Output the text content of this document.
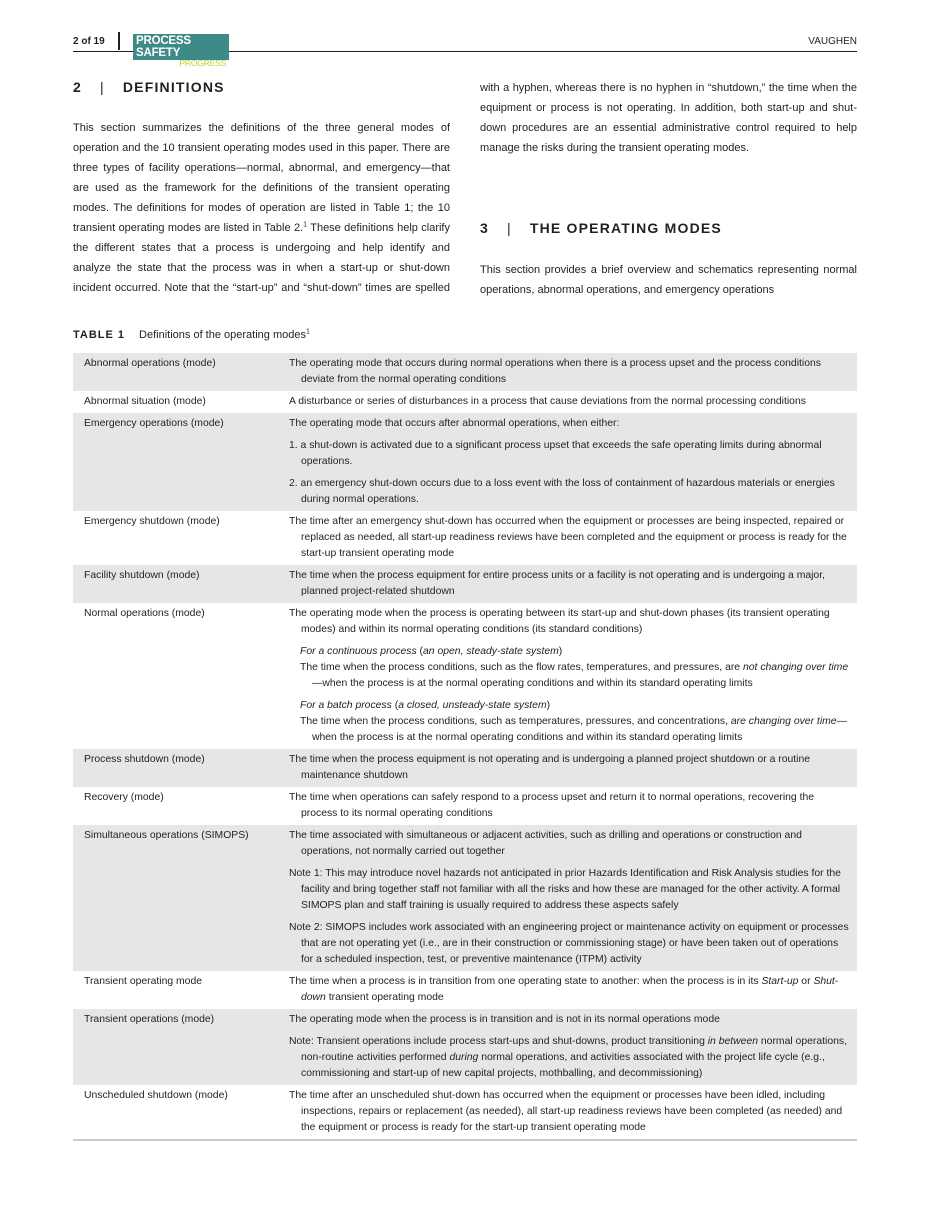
2 of 19	PROCESS SAFETY
PROGRESS
VAUGHEN
2 | DEFINITIONS
This section summarizes the definitions of the three general modes of operation and the 10 transient operating modes used in this paper. There are three types of facility operations—normal, abnormal, and emergency—that are used as the framework for the definitions of the transient operating modes. The definitions for modes of operation are listed in Table 1; the 10 transient operating modes are listed in Table 2.$^1$ These definitions help clarify the different states that a process is undergoing and help identify and analyze the state that the process was in when a start-up or shut-down incident occurred. Note that the “start-up” and “shut-down” times are spelled
with a hyphen, whereas there is no hyphen in “shutdown,” the time when the equipment or process is not operating. In addition, both start-up and shut-down procedures are an essential administrative control required to help manage the risks during the transient operating modes.
3 | THE OPERATING MODES
This section provides a brief overview and schematics representing normal operations, abnormal operations, and emergency operations
TABLE 1 Definitions of the operating modes$^1$
Abnormal operations (mode)	The operating mode that occurs during normal operations when there is a process upset and the process conditions deviate from the normal operating conditions

Abnormal situation (mode)	A disturbance or series of disturbances in a process that cause deviations from the normal processing conditions

Emergency operations (mode)	The operating mode that occurs after abnormal operations, when either:
1. a shut-down is activated due to a significant process upset that exceeds the safe operating limits during abnormal operations.
2. an emergency shut-down occurs due to a loss event with the loss of containment of hazardous materials or energies during normal operations.

Emergency shutdown (mode)	The time after an emergency shut-down has occurred when the equipment or processes are being inspected, repaired or replaced as needed, all start-up readiness reviews have been completed and the equipment or process is ready for the start-up transient operating mode

Facility shutdown (mode)	The time when the process equipment for entire process units or a facility is not operating and is undergoing a major, planned project-related shutdown

Normal operations (mode)	The operating mode when the process is operating between its start-up and shut-down phases (its transient operating modes) and within its normal operating conditions (its standard conditions)
For a continuous process (an open, steady-state system)
The time when the process conditions, such as the flow rates, temperatures, and pressures, are not changing over time—when the process is at the normal operating conditions and within its standard operating limits
For a batch process (a closed, unsteady-state system)
The time when the process conditions, such as temperatures, pressures, and concentrations, are changing over time—when the process is at the normal operating conditions and within its standard operating limits

Process shutdown (mode)	The time when the process equipment is not operating and is undergoing a planned project shutdown or a routine maintenance shutdown

Recovery (mode)	The time when operations can safely respond to a process upset and return it to normal operations, recovering the process to its normal operating conditions

Simultaneous operations (SIMOPS)	The time associated with simultaneous or adjacent activities, such as drilling and operations or construction and operations, not normally carried out together
Note 1: This may introduce novel hazards not anticipated in prior Hazards Identification and Risk Analysis studies for the facility and bring together staff not familiar with all the risks and how these are managed for the other activity. A formal SIMOPS plan and staff training is usually required to address these aspects safely
Note 2: SIMOPS includes work associated with an engineering project or maintenance activity on equipment or processes that are not operating yet (i.e., are in their construction or commissioning stage) or have been taken out of operations for a scheduled inspection, test, or preventive maintenance (ITPM) activity

Transient operating mode	The time when a process is in transition from one operating state to another: when the process is in its Start-up or Shut-down transient operating mode

Transient operations (mode)	The operating mode when the process is in transition and is not in its normal operations mode
Note: Transient operations include process start-ups and shut-downs, product transitioning in between normal operations, non-routine activities performed during normal operations, and activities associated with the project life cycle (e.g., commissioning and start-up of new capital projects, mothballing, and decommissioning)

Unscheduled shutdown (mode)	The time after an unscheduled shut-down has occurred when the equipment or processes have been idled, including inspections, repairs or replacement (as needed), all start-up readiness reviews have been completed (as needed) and the equipment or process is ready for the start-up transient operating mode
